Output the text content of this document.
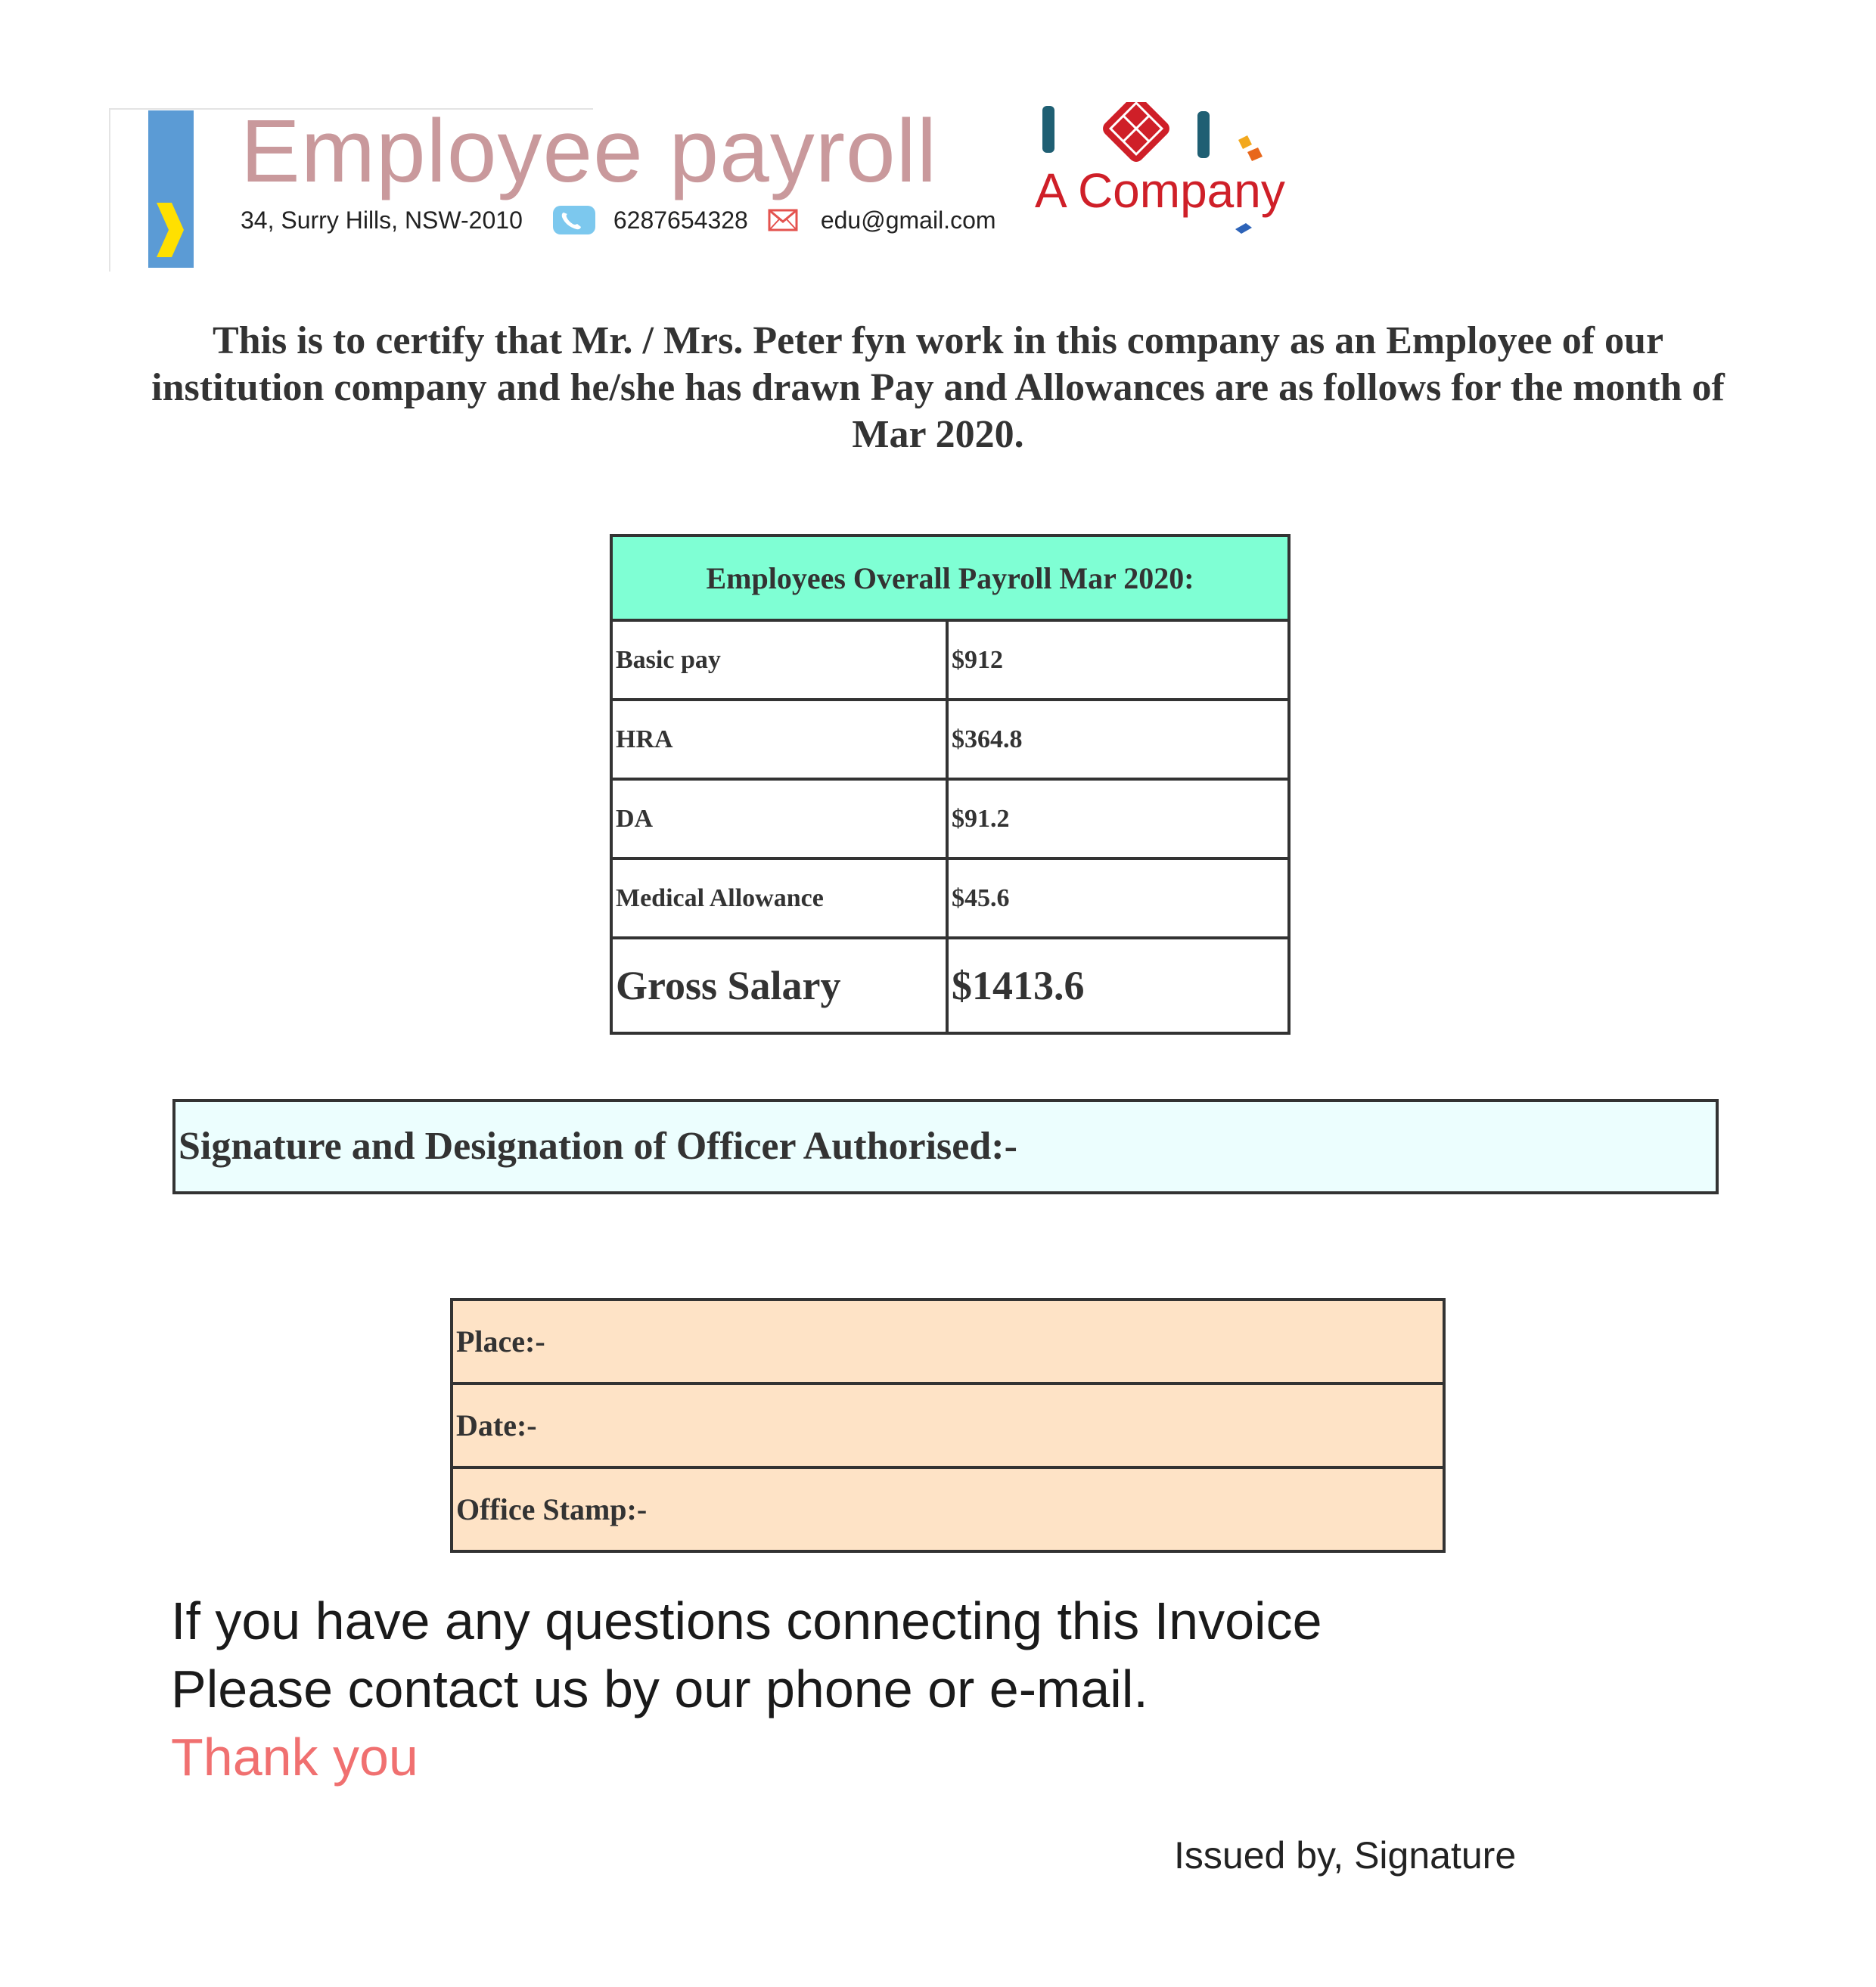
Employee payroll
34, Surry Hills, NSW-2010	6287654328	edu@gmail.com
A Company
This is to certify that Mr. / Mrs. Peter fyn work in this company as an Employee of our institution company and he/she has drawn Pay and Allowances are as follows for the month of Mar 2020.
Employees Overall Payroll Mar 2020:	
Basic pay	$912
HRA	$364.8
DA	$91.2
Medical Allowance	$45.6
Gross Salary	$1413.6
Signature and Designation of Officer Authorised:-
Place:-
Date:-
Office Stamp:-
If you have any questions connecting this Invoice
Please contact us by our phone or e-mail.
Thank you
Issued by, Signature
